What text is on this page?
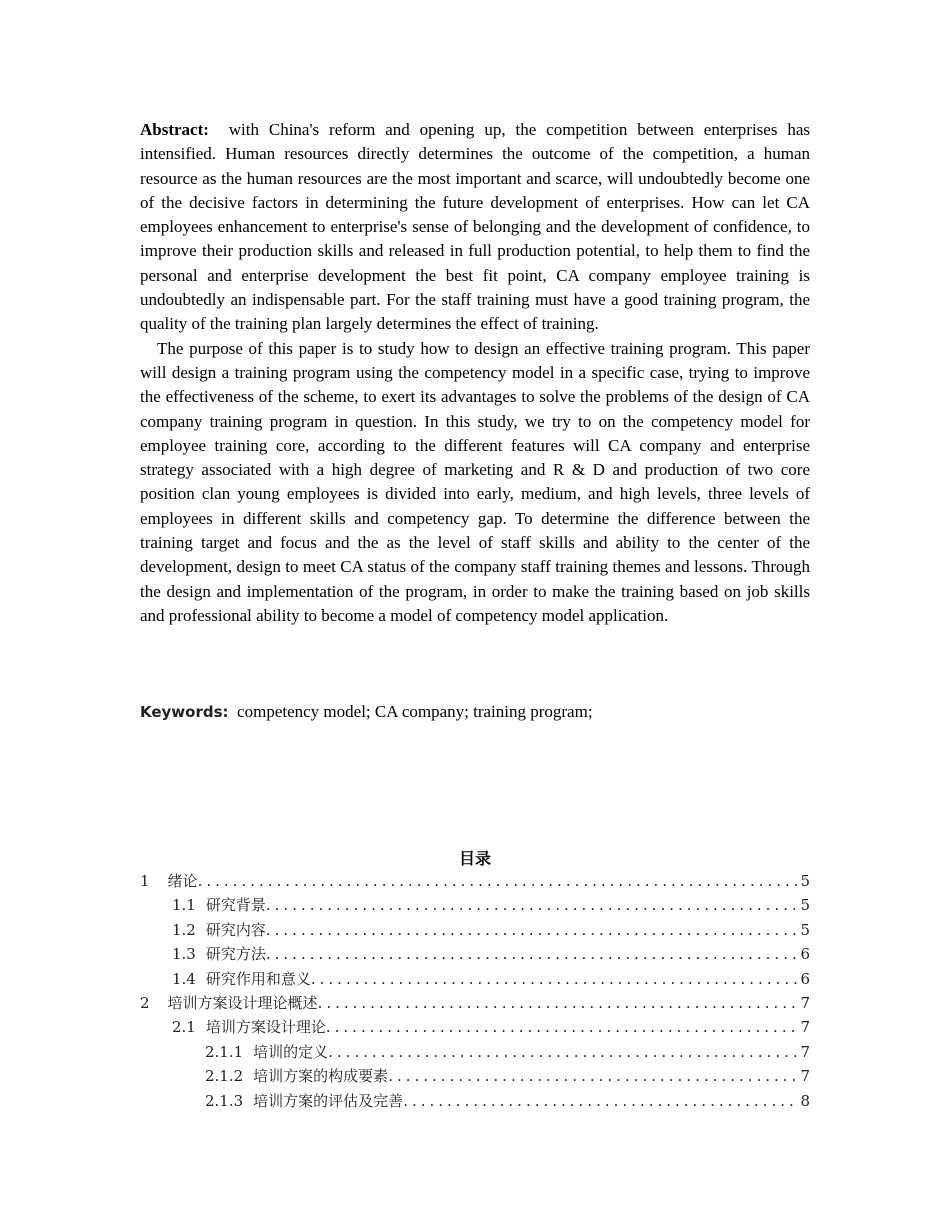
Abstract: with China's reform and opening up, the competition between enterprises has intensified. Human resources directly determines the outcome of the competition, a human resource as the human resources are the most important and scarce, will undoubtedly become one of the decisive factors in determining the future development of enterprises. How can let CA employees enhancement to enterprise's sense of belonging and the development of confidence, to improve their production skills and released in full production potential, to help them to find the personal and enterprise development the best fit point, CA company employee training is undoubtedly an indispensable part. For the staff training must have a good training program, the quality of the training plan largely determines the effect of training.

The purpose of this paper is to study how to design an effective training program. This paper will design a training program using the competency model in a specific case, trying to improve the effectiveness of the scheme, to exert its advantages to solve the problems of the design of CA company training program in question. In this study, we try to on the competency model for employee training core, according to the different features will CA company and enterprise strategy associated with a high degree of marketing and R & D and production of two core position clan young employees is divided into early, medium, and high levels, three levels of employees in different skills and competency gap. To determine the difference between the training target and focus and the as the level of staff skills and ability to the center of the development, design to meet CA status of the company staff training themes and lessons. Through the design and implementation of the program, in order to make the training based on job skills and professional ability to become a model of competency model application.

Keywords: competency model; CA company; training program;
目录
1 绪论 .....	5
1.1 研究背景 .....	5
1.2 研究内容 .....	5
1.3 研究方法 .....	6
1.4 研究作用和意义 .....	6
2 培训方案设计理论概述 .....	7
2.1 培训方案设计理论 .....	7
2.1.1 培训的定义 .....	7
2.1.2 培训方案的构成要素 .....	7
2.1.3 培训方案的评估及完善 .....	8
